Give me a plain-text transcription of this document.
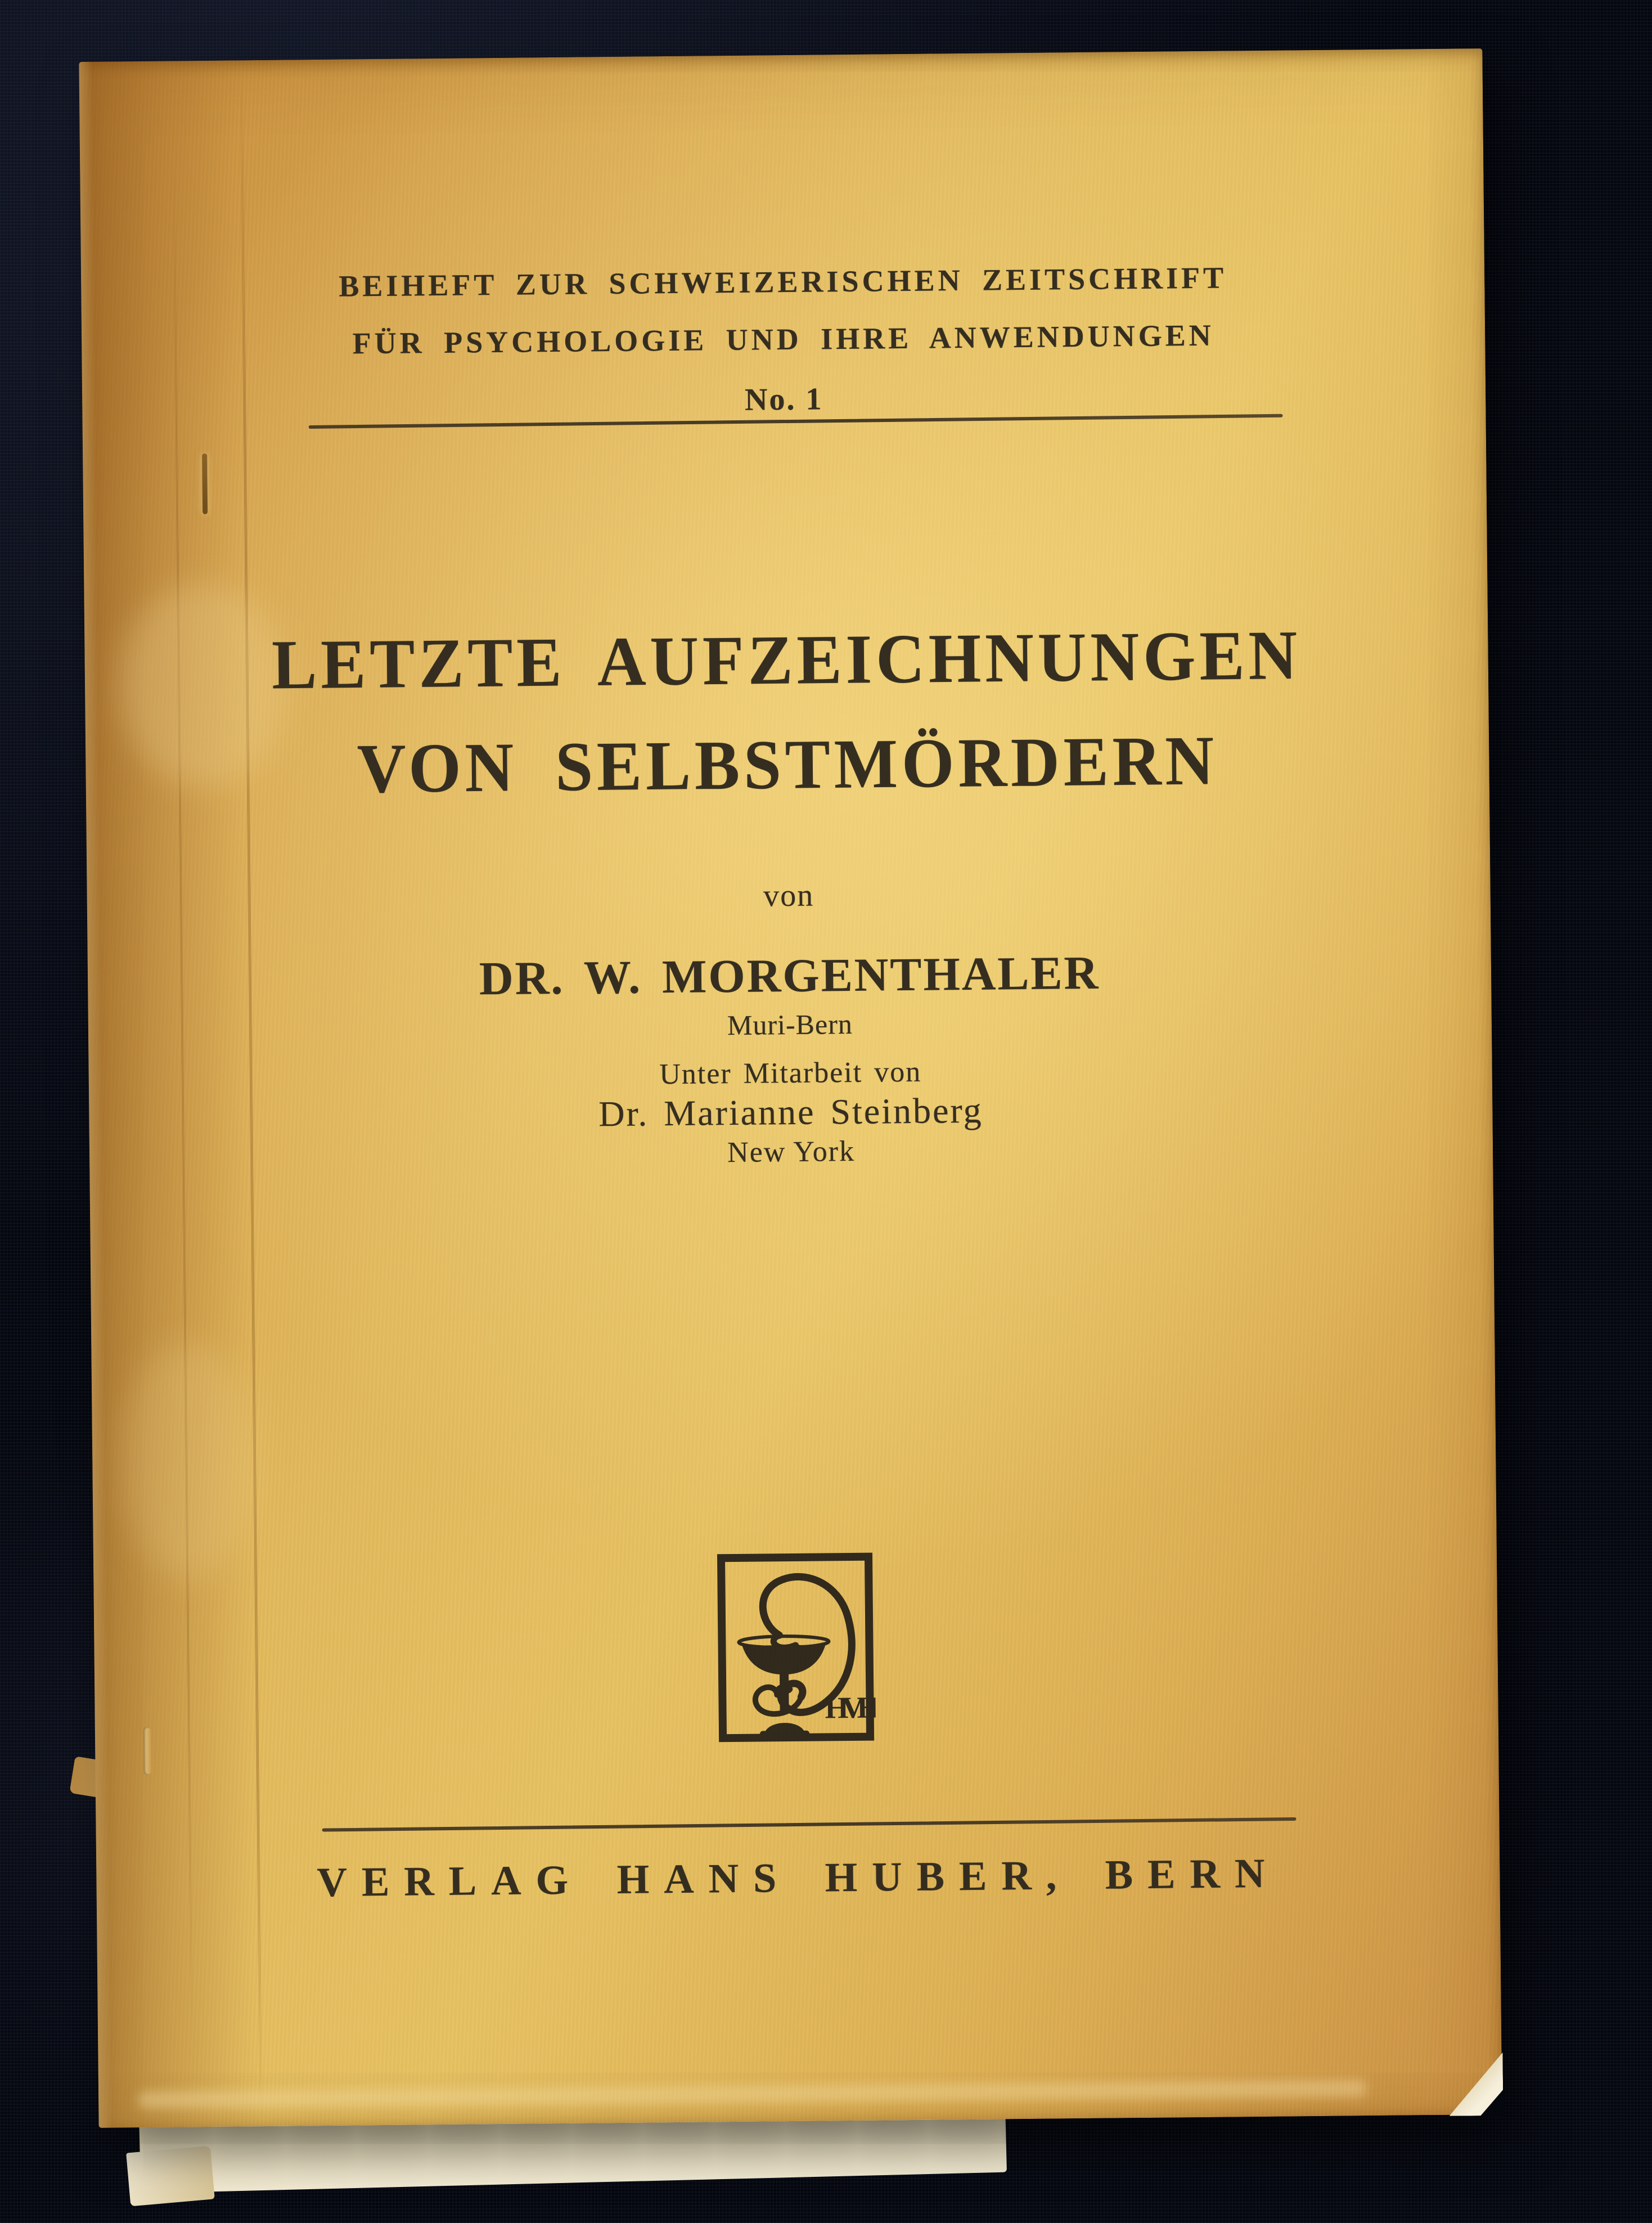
BEIHEFT ZUR SCHWEIZERISCHEN ZEITSCHRIFT
FÜR PSYCHOLOGIE UND IHRE ANWENDUNGEN
No. 1
LETZTE AUFZEICHNUNGEN
VON SELBSTMÖRDERN
von
DR. W. MORGENTHALER
Muri-Bern
Unter Mitarbeit von
Dr. Marianne Steinberg
New York
HVH
VERLAG HANS HUBER, BERN
